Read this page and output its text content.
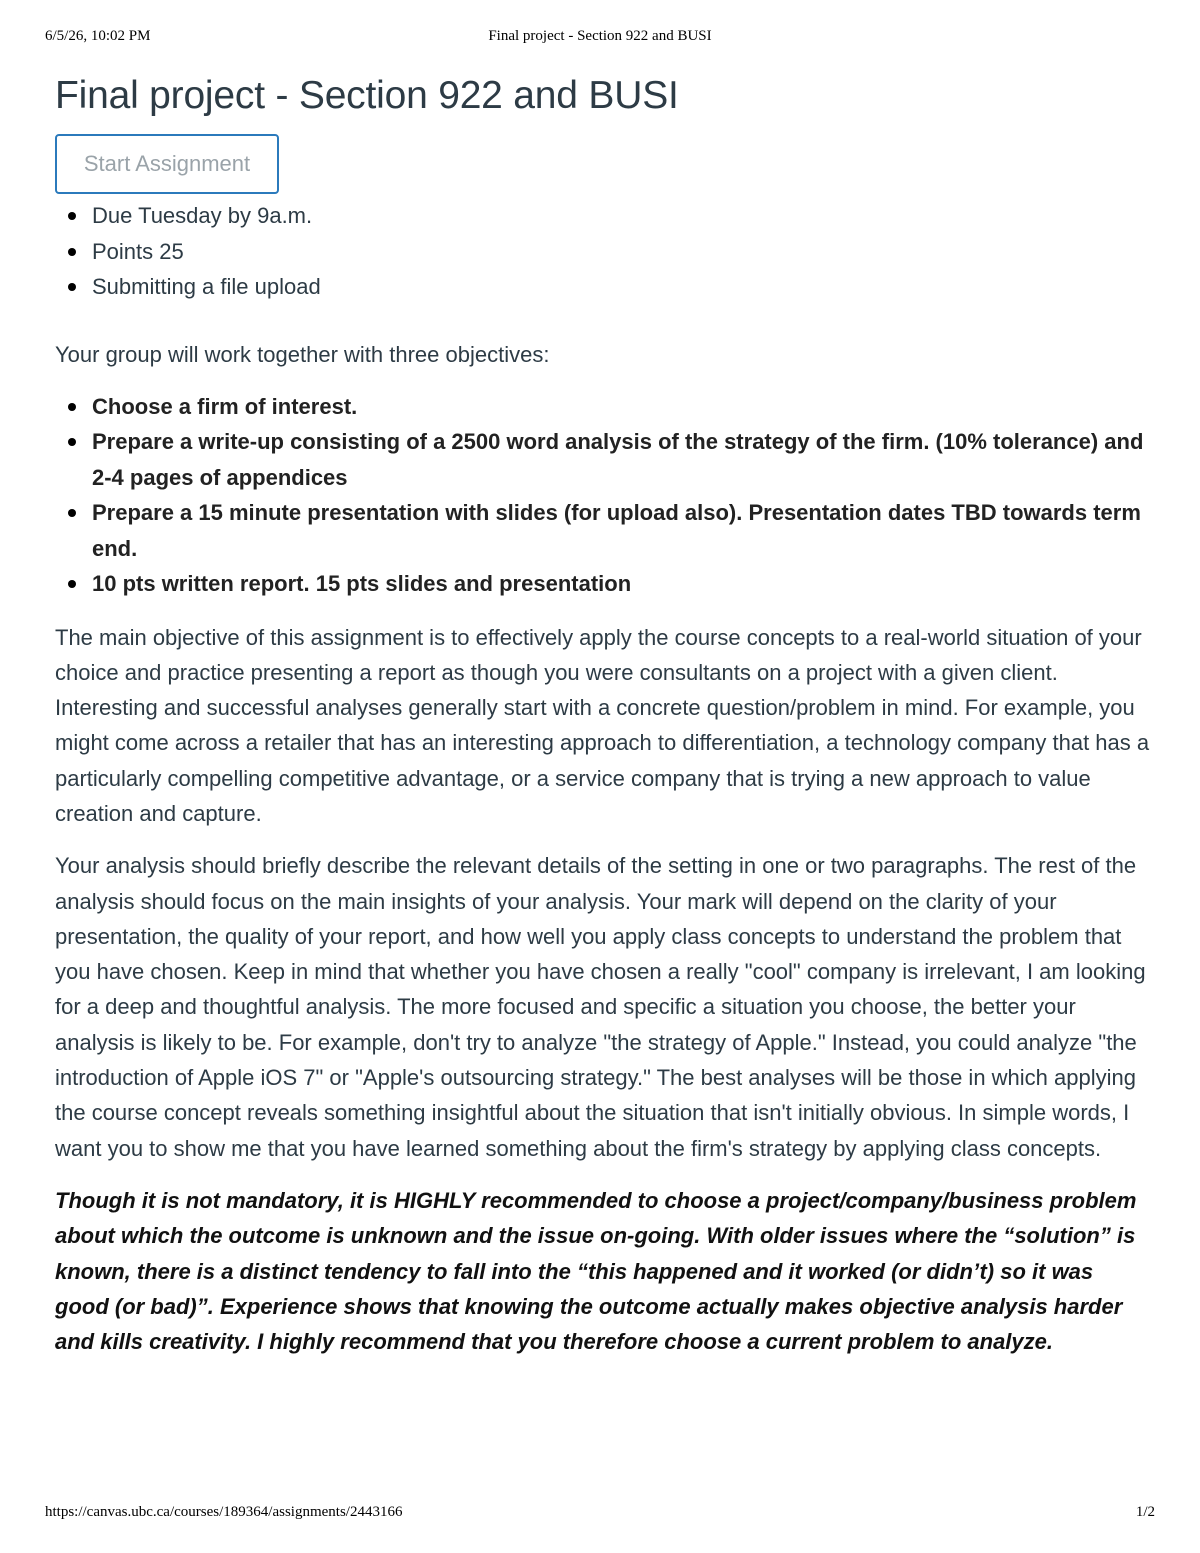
6/5/26, 10:02 PM	Final project - Section 922 and BUSI
Final project - Section 922 and BUSI
Start Assignment
Due Tuesday by 9a.m.
Points 25
Submitting a file upload

Your group will work together with three objectives:

Choose a firm of interest.
Prepare a write-up consisting of a 2500 word analysis of the strategy of the firm. (10% tolerance) and 2-4 pages of appendices
Prepare a 15 minute presentation with slides (for upload also). Presentation dates TBD towards term end.
10 pts written report. 15 pts slides and presentation

The main objective of this assignment is to effectively apply the course concepts to a real-world situation of your choice and practice presenting a report as though you were consultants on a project with a given client. Interesting and successful analyses generally start with a concrete question/problem in mind. For example, you might come across a retailer that has an interesting approach to differentiation, a technology company that has a particularly compelling competitive advantage, or a service company that is trying a new approach to value creation and capture.

Your analysis should briefly describe the relevant details of the setting in one or two paragraphs. The rest of the analysis should focus on the main insights of your analysis. Your mark will depend on the clarity of your presentation, the quality of your report, and how well you apply class concepts to understand the problem that you have chosen. Keep in mind that whether you have chosen a really "cool" company is irrelevant, I am looking for a deep and thoughtful analysis. The more focused and specific a situation you choose, the better your analysis is likely to be. For example, don't try to analyze "the strategy of Apple." Instead, you could analyze "the introduction of Apple iOS 7" or "Apple's outsourcing strategy." The best analyses will be those in which applying the course concept reveals something insightful about the situation that isn't initially obvious. In simple words, I want you to show me that you have learned something about the firm's strategy by applying class concepts.

Though it is not mandatory, it is HIGHLY recommended to choose a project/company/business problem about which the outcome is unknown and the issue on-going. With older issues where the “solution” is known, there is a distinct tendency to fall into the “this happened and it worked (or didn’t) so it was good (or bad)”. Experience shows that knowing the outcome actually makes objective analysis harder and kills creativity. I highly recommend that you therefore choose a current problem to analyze.

https://canvas.ubc.ca/courses/189364/assignments/2443166	1/2
